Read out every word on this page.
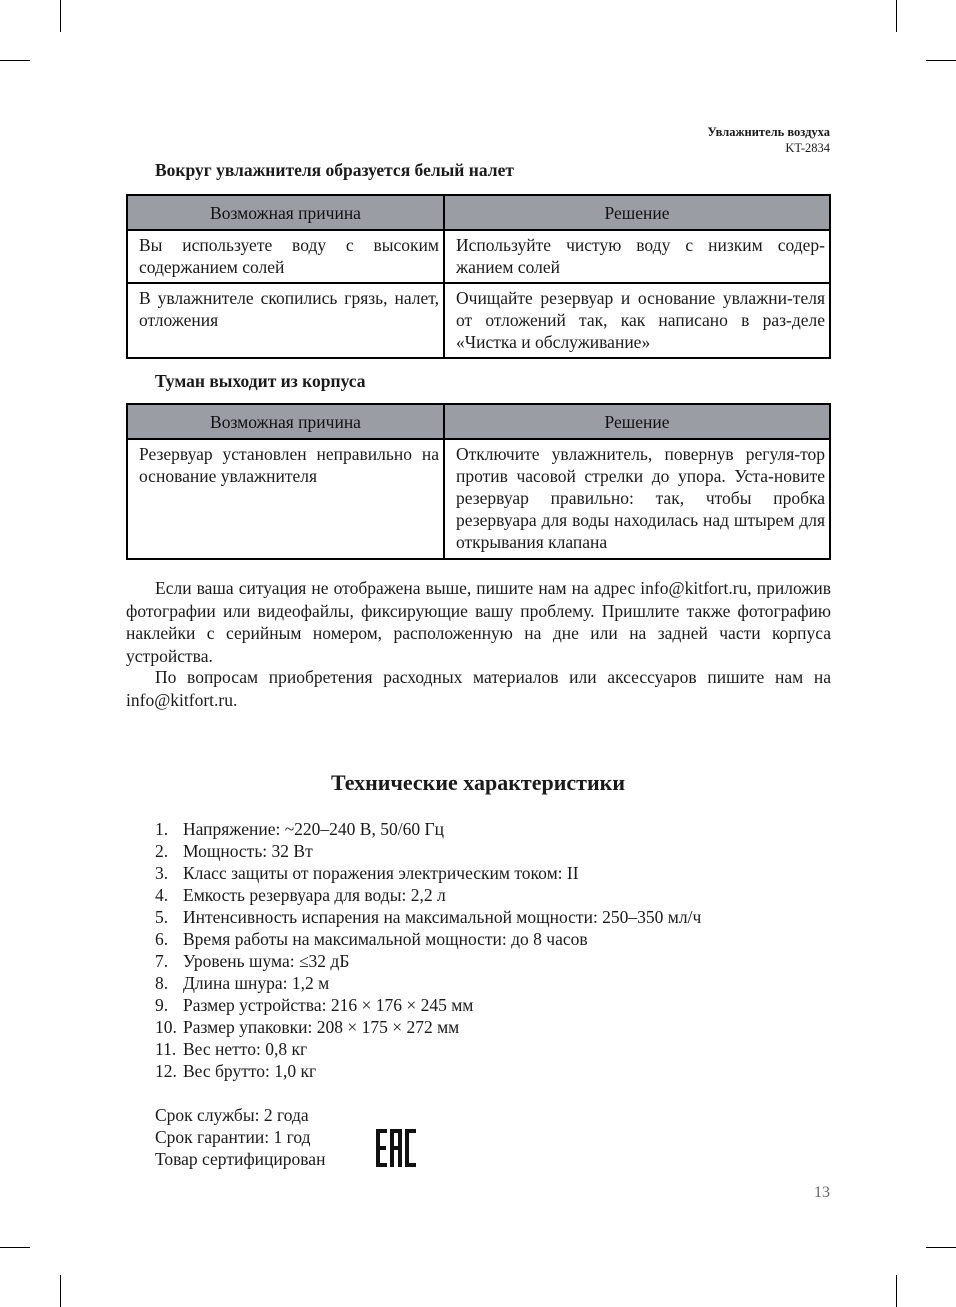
Увлажнитель воздуха
KT-2834
Вокруг увлажнителя образуется белый налет
Возможная причина	Решение
Вы используете воду с высоким содержанием солей	Используйте чистую воду с низким содер-жанием солей
В увлажнителе скопились грязь, налет, отложения	Очищайте резервуар и основание увлажни-теля от отложений так, как написано в раз-деле «Чистка и обслуживание»
Туман выходит из корпуса
Возможная причина	Решение
Резервуар установлен неправильно на основание увлажнителя	Отключите увлажнитель, повернув регуля-тор против часовой стрелки до упора. Уста-новите резервуар правильно: так, чтобы пробка резервуара для воды находилась над штырем для открывания клапана

Если ваша ситуация не отображена выше, пишите нам на адрес info@kitfort.ru, приложив фотографии или видеофайлы, фиксирующие вашу проблему. Пришлите также фотографию наклейки с серийным номером, расположенную на дне или на задней части корпуса устройства.

По вопросам приобретения расходных материалов или аксессуаров пишите нам на info@kitfort.ru.

Технические характеристики
1. Напряжение: ~220–240 В, 50/60 Гц
2. Мощность: 32 Вт
3. Класс защиты от поражения электрическим током: II
4. Емкость резервуара для воды: 2,2 л
5. Интенсивность испарения на максимальной мощности: 250–350 мл/ч
6. Время работы на максимальной мощности: до 8 часов
7. Уровень шума: ≤32 дБ
8. Длина шнура: 1,2 м
9. Размер устройства: 216 × 176 × 245 мм
10. Размер упаковки: 208 × 175 × 272 мм
11. Вес нетто: 0,8 кг
12. Вес брутто: 1,0 кг
Срок службы: 2 года
Срок гарантии: 1 год
Товар сертифицирован
13
